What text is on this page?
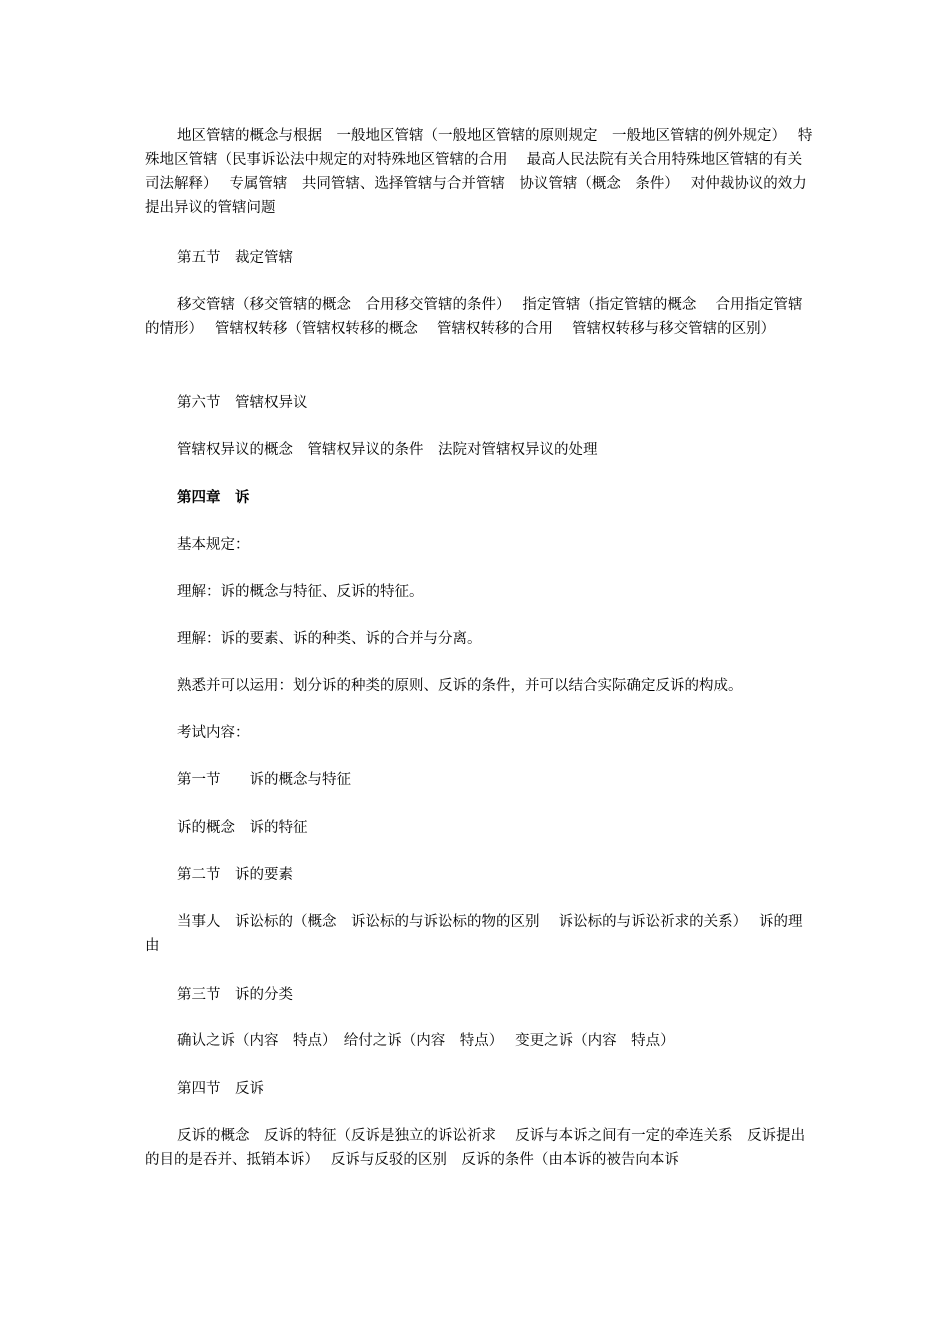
地区管辖的概念与根据　一般地区管辖（一般地区管辖的原则规定　一般地区管辖的例外规定）　 特殊地区管辖（民事诉讼法中规定的对特殊地区管辖的合用　 最高人民法院有关合用特殊地区管辖的有关司法解释）　 专属管辖　共同管辖、选择管辖与合并管辖　协议管辖（概念　条件）　 对仲裁协议的效力提出异议的管辖问题

第五节　裁定管辖

移交管辖（移交管辖的概念　合用移交管辖的条件）　 指定管辖（指定管辖的概念　 合用指定管辖的情形）　 管辖权转移（管辖权转移的概念　 管辖权转移的合用　 管辖权转移与移交管辖的区别）

第六节　管辖权异议

管辖权异议的概念　管辖权异议的条件　法院对管辖权异议的处理

第四章　诉

基本规定：

理解：诉的概念与特征、反诉的特征。

理解：诉的要素、诉的种类、诉的合并与分离。

熟悉并可以运用：划分诉的种类的原则、反诉的条件，并可以结合实际确定反诉的构成。

考试内容：

第一节　　诉的概念与特征

诉的概念　诉的特征

第二节　诉的要素

当事人　诉讼标的（概念　诉讼标的与诉讼标的物的区别　 诉讼标的与诉讼祈求的关系）　 诉的理由

第三节　诉的分类

确认之诉（内容　特点）　给付之诉（内容　特点）　 变更之诉（内容　特点）

第四节　反诉

反诉的概念　反诉的特征（反诉是独立的诉讼祈求　 反诉与本诉之间有一定的牵连关系　反诉提出的目的是吞并、抵销本诉）　 反诉与反驳的区别　反诉的条件（由本诉的被告向本诉
